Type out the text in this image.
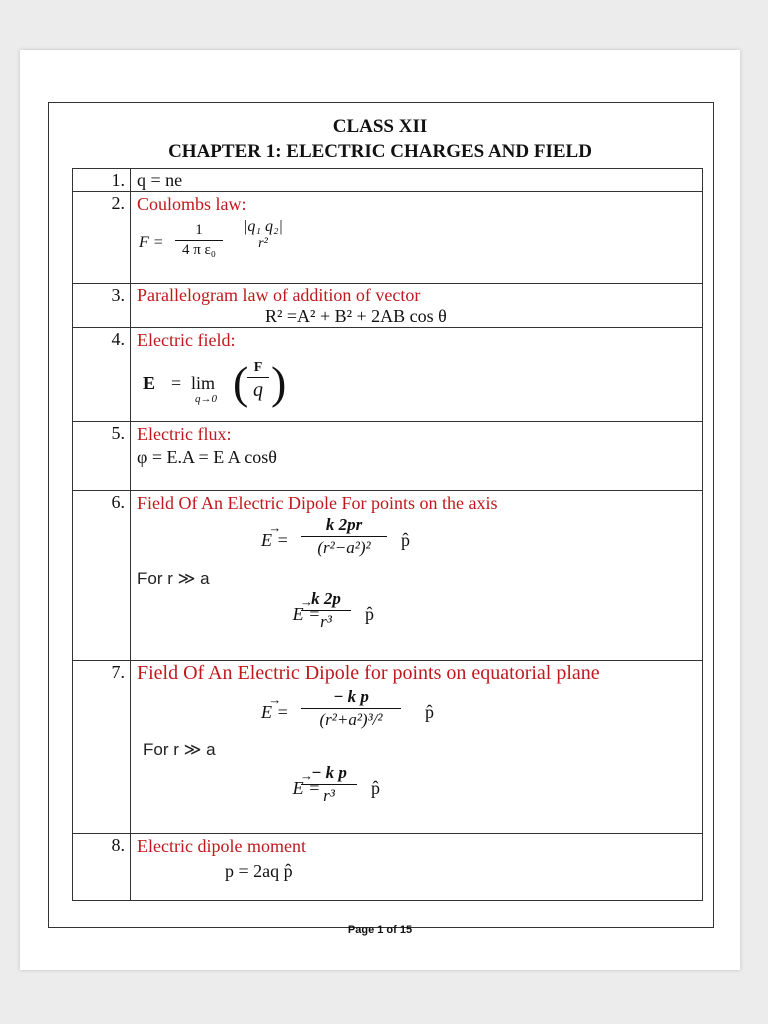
CLASS XII
CHAPTER 1: ELECTRIC CHARGES AND FIELD
1. q = ne
2. Coulombs law:
F =
1
4 π ε₀
|q₁ q₂|
r²
3. Parallelogram law of addition of vector
R² =A² + B² + 2AB cos θ
4. Electric field:
E = lim
q→0 ( F
q )
5. Electric flux:
φ = E.A = E A cosθ
6. Field Of An Electric Dipole For points on the axis
→ E =
k 2pr
(r²−a²)²	p̂
For r ≫ a
→ E =
k 2p
r³	p̂
7. Field Of An Electric Dipole for points on equatorial plane
→ E =
− k p
(r²+a²)³/²	p̂
For r ≫ a
→ E =
− k p
r³	p̂
8. Electric dipole moment
p = 2aq p̂
Page 1 of 15
